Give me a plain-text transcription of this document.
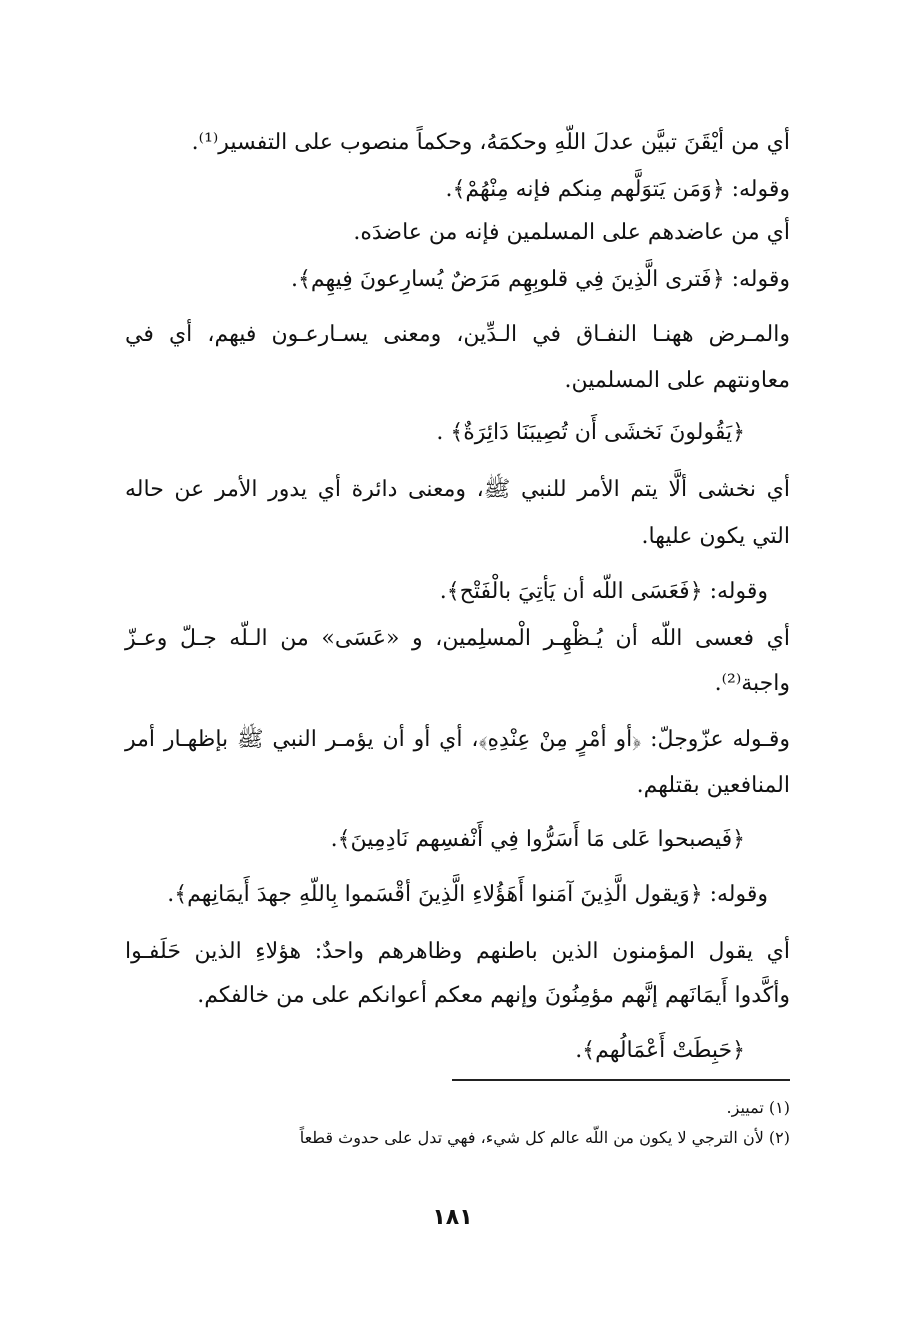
أي من أيْقَنَ تبيَّن عدلَ اللّهِ وحكمَهُ، وحكماً منصوب على التفسير⁽¹⁾.
وقوله: ﴿وَمَن يَتوَلَّهم مِنكم فإنه مِنْهُمْ﴾.
أي من عاضدهم على المسلمين فإنه من عاضدَه.
وقوله: ﴿فَترى الَّذِينَ فِي قلوبِهِم مَرَضٌ يُسارِعونَ فِيهِم﴾.
والمـرض ههنـا النفـاق في الـدِّين، ومعنى يسـارعـون فيهم، أي في
معاونتهم على المسلمين.
﴿يَقُولونَ نَخشَى أَن تُصِيبَنَا دَائِرَةٌ﴾ .
أي نخشى ألَّا يتم الأمر للنبي ﷺ، ومعنى دائرة أي يدور الأمر عن حاله
التي يكون عليها.
وقوله: ﴿فَعَسَى اللّه أن يَأتِيَ بالْفَتْح﴾.
أي فعسى اللّه أن يُـظْهِـر الْمسلِمين، و «عَسَى» من الـلّه جـلّ وعـزّ
واجبة⁽²⁾.
وقـوله عزّوجلّ: ﴿أو أمْرٍ مِنْ عِنْدِهِ﴾، أي أو أن يؤمـر النبي ﷺ بإظهـار أمر
المنافعين بقتلهم.
﴿فَيصبحوا عَلى مَا أَسَرُّوا فِي أَنْفسِهم نَادِمِينَ﴾.
وقوله: ﴿وَيقول الَّذِينَ آمَنوا أَهَؤُلاءِ الَّذِينَ أقْسَموا بِاللّهِ جهدَ أَيمَانِهم﴾.
أي يقول المؤمنون الذين باطنهم وظاهرهم واحدٌ: هؤلاءِ الذين حَلَفـوا
وأكَّدوا أَيمَانَهم إنَّهم مؤمِنُونَ وإنهم معكم أعوانكم على من خالفكم.
﴿حَبِطَتْ أَعْمَالُهم﴾.
(١) تمييز.
(٢) لأن الترجي لا يكون من اللّه عالم كل شيء، فهي تدل على حدوث قطعاً
١٨١
